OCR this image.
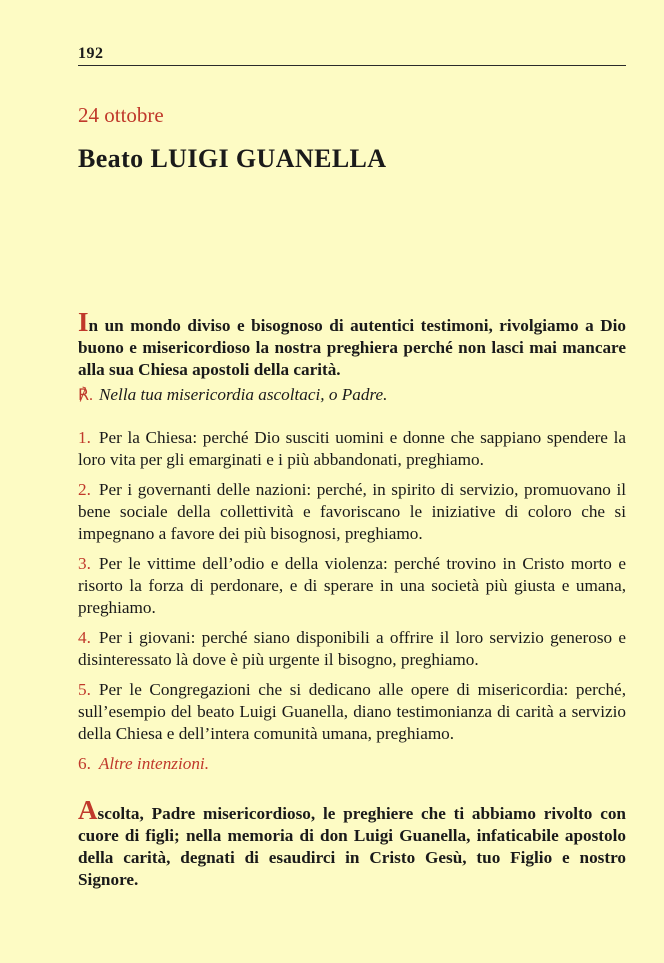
192
24 ottobre
Beato LUIGI GUANELLA

In un mondo diviso e bisognoso di autentici testimoni, rivolgiamo a Dio buono e misericordioso la nostra preghiera perché non lasci mai mancare alla sua Chiesa apostoli della carità.

℟. Nella tua misericordia ascoltaci, o Padre.

1. Per la Chiesa: perché Dio susciti uomini e donne che sappiano spendere la loro vita per gli emarginati e i più abbandonati, preghiamo.

2. Per i governanti delle nazioni: perché, in spirito di servizio, promuovano il bene sociale della collettività e favoriscano le iniziative di coloro che si impegnano a favore dei più bisognosi, preghiamo.

3. Per le vittime dell’odio e della violenza: perché trovino in Cristo morto e risorto la forza di perdonare, e di sperare in una società più giusta e umana, preghiamo.

4. Per i giovani: perché siano disponibili a offrire il loro servizio generoso e disinteressato là dove è più urgente il bisogno, preghiamo.

5. Per le Congregazioni che si dedicano alle opere di misericordia: perché, sull’esempio del beato Luigi Guanella, diano testimonianza di carità a servizio della Chiesa e dell’intera comunità umana, preghiamo.

6. Altre intenzioni.

Ascolta, Padre misericordioso, le preghiere che ti abbiamo rivolto con cuore di figli; nella memoria di don Luigi Guanella, infaticabile apostolo della carità, degnati di esaudirci in Cristo Gesù, tuo Figlio e nostro Signore.
